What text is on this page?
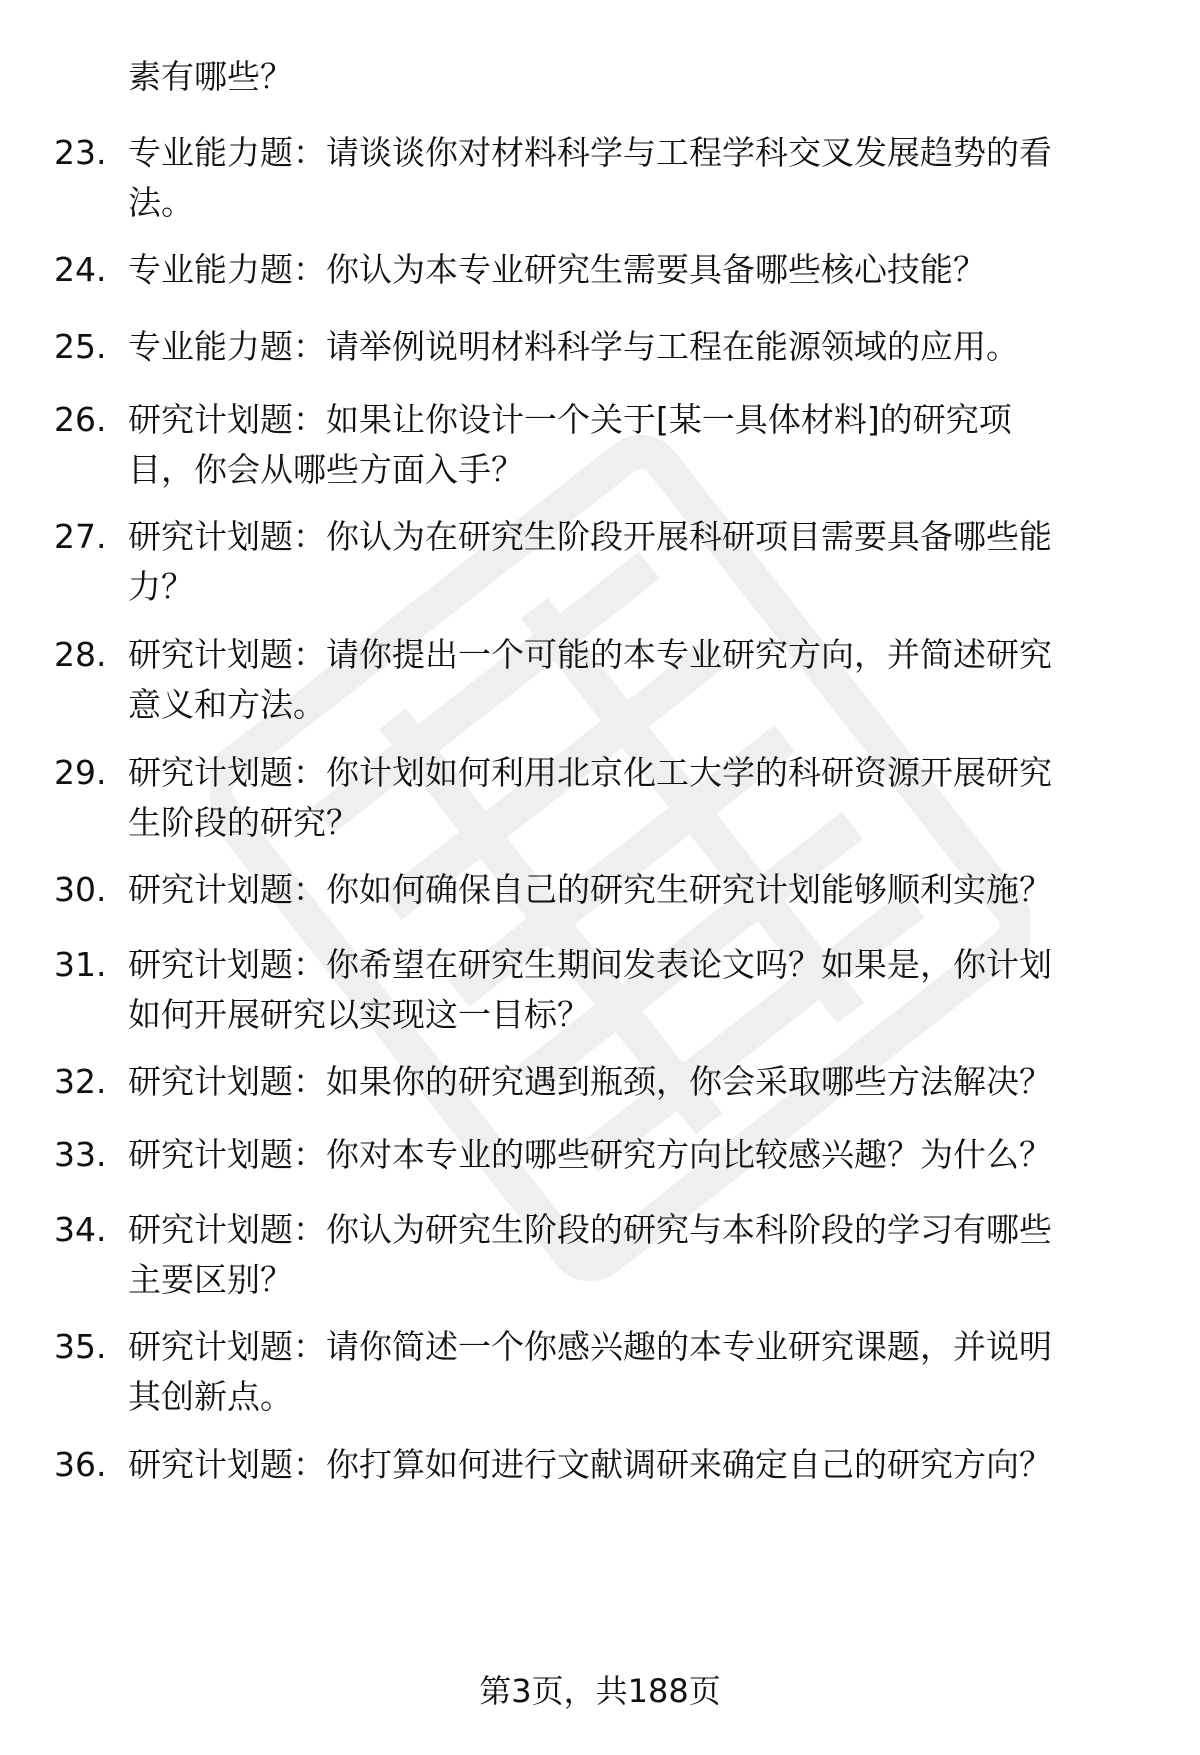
素有哪些？
23. 专业能力题：请谈谈你对材料科学与工程学科交叉发展趋势的看
法。
24. 专业能力题：你认为本专业研究生需要具备哪些核心技能？
25. 专业能力题：请举例说明材料科学与工程在能源领域的应用。
26. 研究计划题：如果让你设计一个关于[某一具体材料]的研究项
目，你会从哪些方面入手？
27. 研究计划题：你认为在研究生阶段开展科研项目需要具备哪些能
力？
28. 研究计划题：请你提出一个可能的本专业研究方向，并简述研究
意义和方法。
29. 研究计划题：你计划如何利用北京化工大学的科研资源开展研究
生阶段的研究？
30. 研究计划题：你如何确保自己的研究生研究计划能够顺利实施？
31. 研究计划题：你希望在研究生期间发表论文吗？如果是，你计划
如何开展研究以实现这一目标？
32. 研究计划题：如果你的研究遇到瓶颈，你会采取哪些方法解决？
33. 研究计划题：你对本专业的哪些研究方向比较感兴趣？为什么？
34. 研究计划题：你认为研究生阶段的研究与本科阶段的学习有哪些
主要区别？
35. 研究计划题：请你简述一个你感兴趣的本专业研究课题，并说明
其创新点。
36. 研究计划题：你打算如何进行文献调研来确定自己的研究方向？
第3页，共188页
